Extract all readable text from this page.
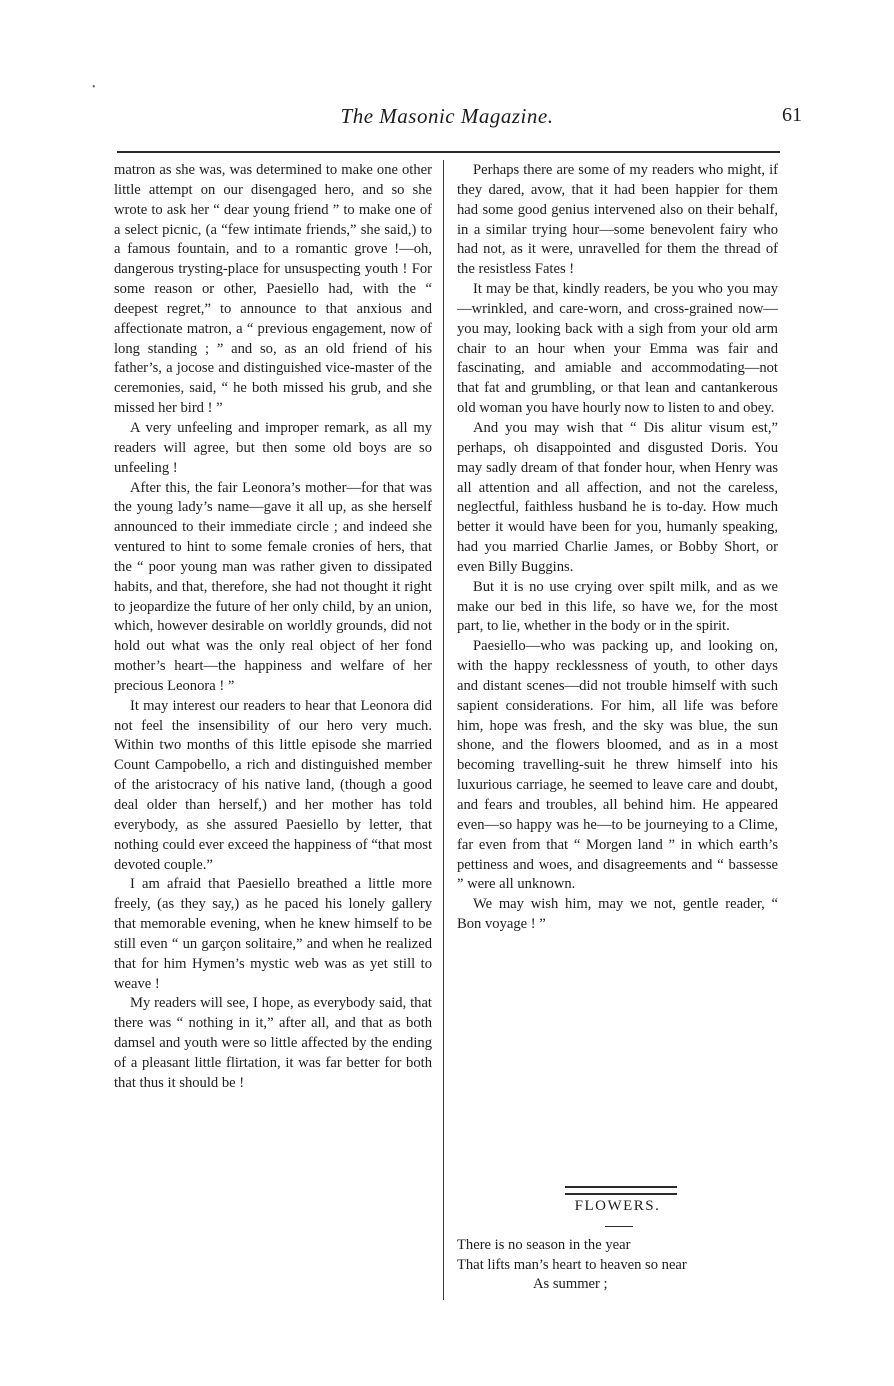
•
The Masonic Magazine.	61

matron as she was, was determined to make one other little attempt on our disengaged hero, and so she wrote to ask her “ dear young friend ” to make one of a select picnic, (a “few intimate friends,” she said,) to a famous fountain, and to a romantic grove !—oh, dangerous trysting-place for unsuspecting youth ! For some reason or other, Paesiello had, with the “ deepest regret,” to announce to that anxious and affectionate matron, a “ previous engagement, now of long standing ; ” and so, as an old friend of his father’s, a jocose and distinguished vice-master of the ceremonies, said, “ he both missed his grub, and she missed her bird ! ”

A very unfeeling and improper remark, as all my readers will agree, but then some old boys are so unfeeling !

After this, the fair Leonora’s mother—for that was the young lady’s name—gave it all up, as she herself announced to their immediate circle ; and indeed she ventured to hint to some female cronies of hers, that the “ poor young man was rather given to dissipated habits, and that, therefore, she had not thought it right to jeopardize the future of her only child, by an union, which, however desirable on worldly grounds, did not hold out what was the only real object of her fond mother’s heart—the happiness and welfare of her precious Leonora ! ”

It may interest our readers to hear that Leonora did not feel the insensibility of our hero very much. Within two months of this little episode she married Count Campobello, a rich and distinguished member of the aristocracy of his native land, (though a good deal older than herself,) and her mother has told everybody, as she assured Paesiello by letter, that nothing could ever exceed the happiness of “that most devoted couple.”

I am afraid that Paesiello breathed a little more freely, (as they say,) as he paced his lonely gallery that memorable evening, when he knew himself to be still even “ un garçon solitaire,” and when he realized that for him Hymen’s mystic web was as yet still to weave !

My readers will see, I hope, as everybody said, that there was “ nothing in it,” after all, and that as both damsel and youth were so little affected by the ending of a pleasant little flirtation, it was far better for both that thus it should be !

Perhaps there are some of my readers who might, if they dared, avow, that it had been happier for them had some good genius intervened also on their behalf, in a similar trying hour—some benevolent fairy who had not, as it were, unravelled for them the thread of the resistless Fates !

It may be that, kindly readers, be you who you may—wrinkled, and care-worn, and cross-grained now—you may, looking back with a sigh from your old arm chair to an hour when your Emma was fair and fascinating, and amiable and accommodating—not that fat and grumbling, or that lean and cantankerous old woman you have hourly now to listen to and obey.

And you may wish that “ Dis alitur visum est,” perhaps, oh disappointed and disgusted Doris. You may sadly dream of that fonder hour, when Henry was all attention and all affection, and not the careless, neglectful, faithless husband he is to-day. How much better it would have been for you, humanly speaking, had you married Charlie James, or Bobby Short, or even Billy Buggins.

But it is no use crying over spilt milk, and as we make our bed in this life, so have we, for the most part, to lie, whether in the body or in the spirit.

Paesiello—who was packing up, and looking on, with the happy recklessness of youth, to other days and distant scenes—did not trouble himself with such sapient considerations. For him, all life was before him, hope was fresh, and the sky was blue, the sun shone, and the flowers bloomed, and as in a most becoming travelling-suit he threw himself into his luxurious carriage, he seemed to leave care and doubt, and fears and troubles, all behind him. He appeared even—so happy was he—to be journeying to a Clime, far even from that “ Morgen land ” in which earth’s pettiness and woes, and disagreements and “ bassesse ” were all unknown.

We may wish him, may we not, gentle reader, “ Bon voyage ! ”

FLOWERS.
There is no season in the year
That lifts man’s heart to heaven so near
As summer ;
